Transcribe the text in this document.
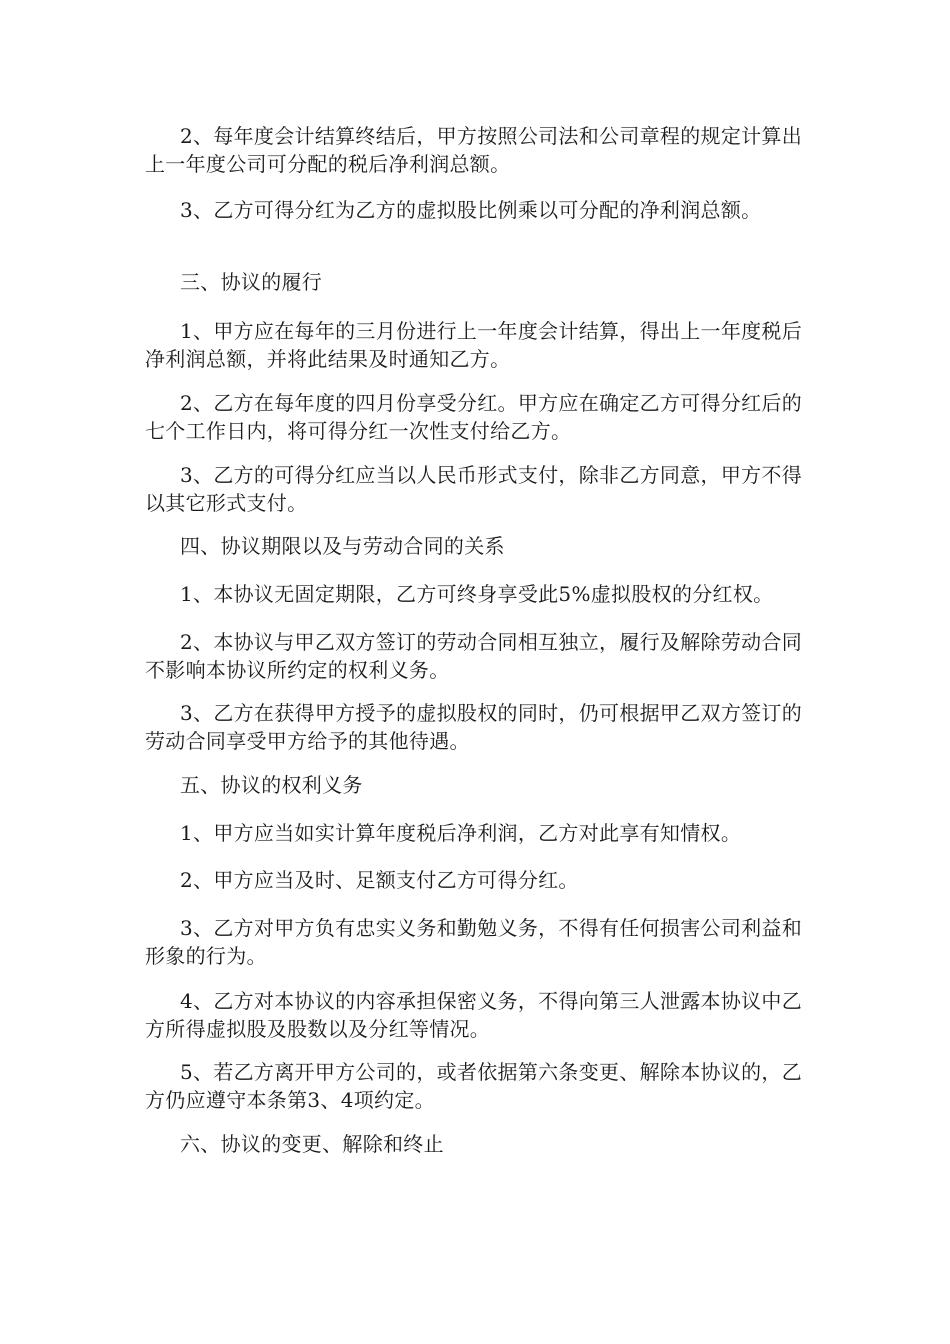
2、每年度会计结算终结后，甲方按照公司法和公司章程的规定计算出上一年度公司可分配的税后净利润总额。

3、乙方可得分红为乙方的虚拟股比例乘以可分配的净利润总额。

三、协议的履行

1、甲方应在每年的三月份进行上一年度会计结算，得出上一年度税后净利润总额，并将此结果及时通知乙方。

2、乙方在每年度的四月份享受分红。甲方应在确定乙方可得分红后的七个工作日内，将可得分红一次性支付给乙方。

3、乙方的可得分红应当以人民币形式支付，除非乙方同意，甲方不得以其它形式支付。

四、协议期限以及与劳动合同的关系

1、本协议无固定期限，乙方可终身享受此5%虚拟股权的分红权。

2、本协议与甲乙双方签订的劳动合同相互独立，履行及解除劳动合同不影响本协议所约定的权利义务。

3、乙方在获得甲方授予的虚拟股权的同时，仍可根据甲乙双方签订的劳动合同享受甲方给予的其他待遇。

五、协议的权利义务

1、甲方应当如实计算年度税后净利润，乙方对此享有知情权。

2、甲方应当及时、足额支付乙方可得分红。

3、乙方对甲方负有忠实义务和勤勉义务，不得有任何损害公司利益和形象的行为。

4、乙方对本协议的内容承担保密义务，不得向第三人泄露本协议中乙方所得虚拟股及股数以及分红等情况。

5、若乙方离开甲方公司的，或者依据第六条变更、解除本协议的，乙方仍应遵守本条第3、4项约定。

六、协议的变更、解除和终止
